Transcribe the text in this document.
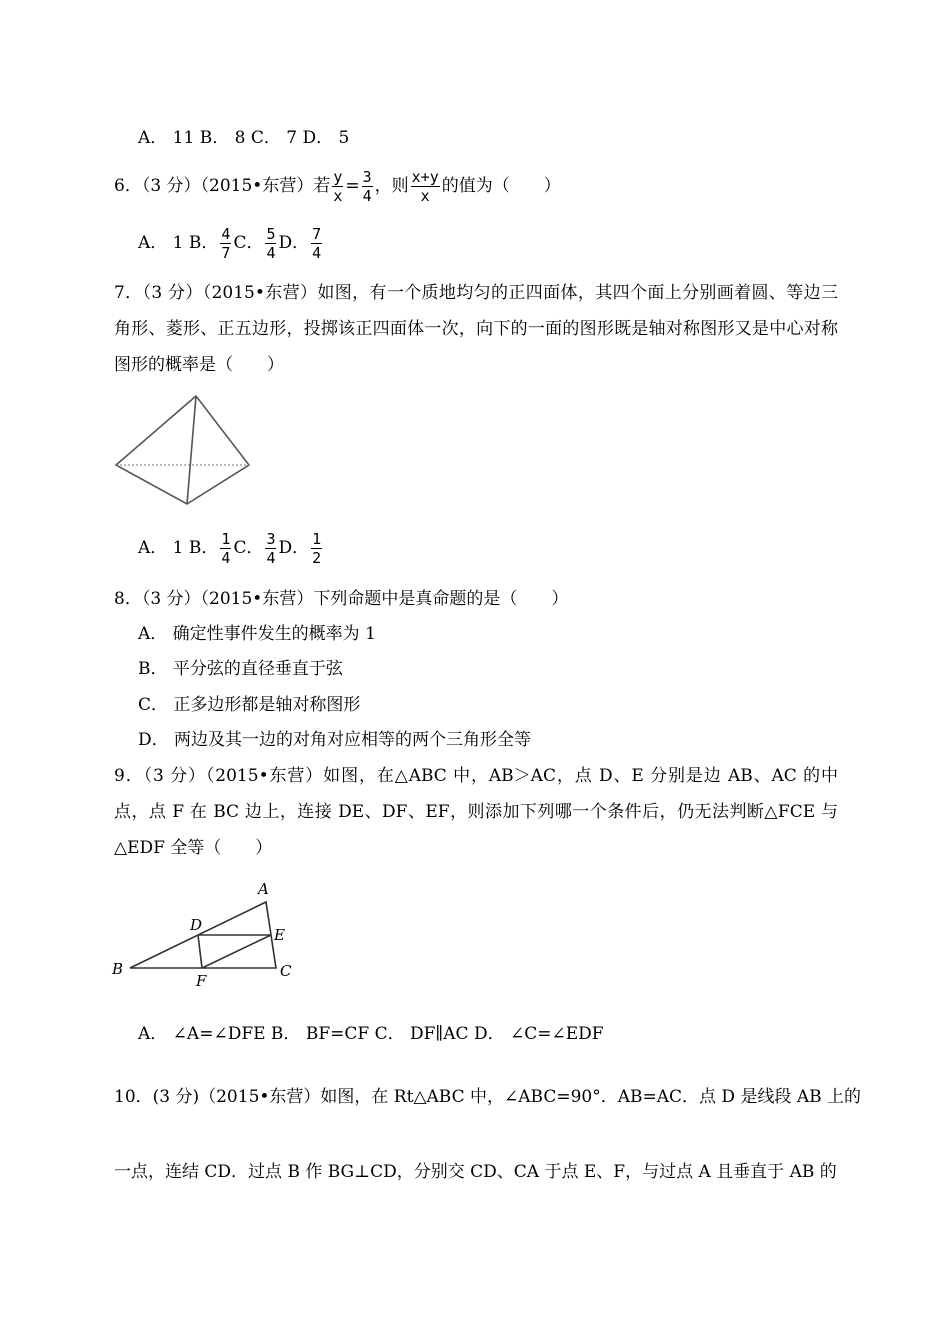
A． 11 B． 8 C． 7 D． 5
6．（3 分）（2015•东营）若 $\frac{y}{x} = \frac{3}{4}$ ，则 $\frac{x+y}{x}$ 的值为（　　）
A． 1 B． $\frac{4}{7}$ C． $\frac{5}{4}$ D． $\frac{7}{4}$
7．（3 分）（2015•东营）如图，有一个质地均匀的正四面体，其四个面上分别画着圆、等边三角形、菱形、正五边形，投掷该正四面体一次，向下的一面的图形既是轴对称图形又是中心对称图形的概率是（　　）
A． 1 B． $\frac{1}{4}$ C． $\frac{3}{4}$ D． $\frac{1}{2}$
8．（3 分）（2015•东营）下列命题中是真命题的是（　　）
A． 确定性事件发生的概率为 1
B． 平分弦的直径垂直于弦
C． 正多边形都是轴对称图形
D． 两边及其一边的对角对应相等的两个三角形全等
9．（3 分）（2015•东营）如图，在△ABC 中，AB＞AC，点 D、E 分别是边 AB、AC 的中点，点 F 在 BC 边上，连接 DE、DF、EF，则添加下列哪一个条件后，仍无法判断△FCE 与△EDF 全等（　　）
A
B	C
D
E
F
A． ∠A=∠DFE B． BF=CF C． DF∥AC D． ∠C=∠EDF
10．(3 分)（2015•东营）如图，在 Rt△ABC 中，∠ABC=90°．AB=AC．点 D 是线段 AB 上的
一点，连结 CD．过点 B 作 BG⊥CD，分别交 CD、CA 于点 E、F，与过点 A 且垂直于 AB 的
